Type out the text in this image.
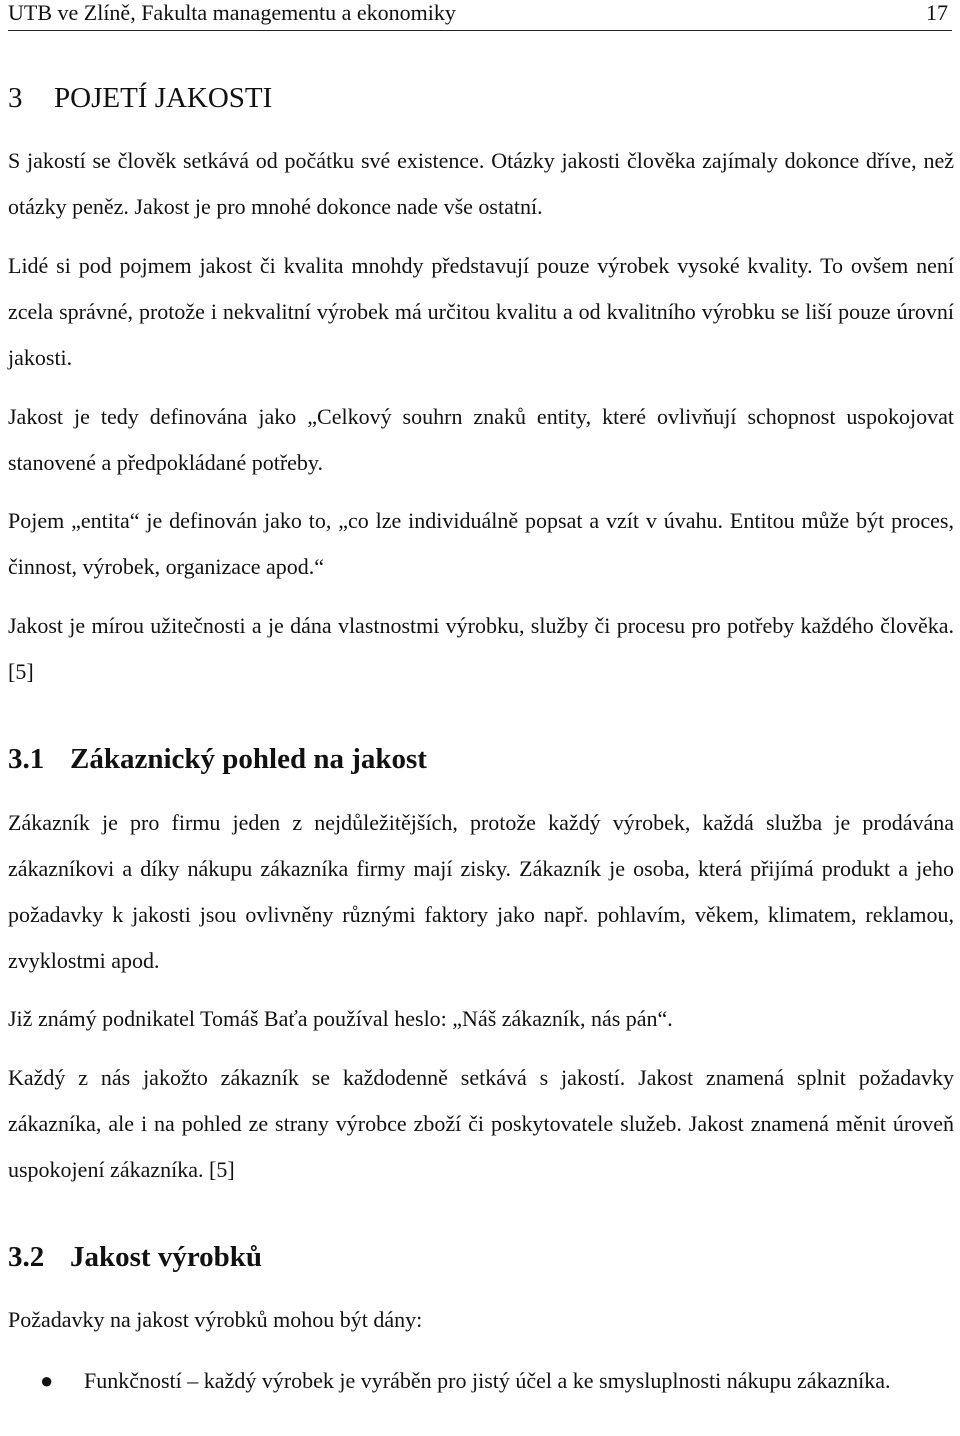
UTB ve Zlíně, Fakulta managementu a ekonomiky	17
3 POJETÍ JAKOSTI

S jakostí se člověk setkává od počátku své existence. Otázky jakosti člověka zajímaly dokonce dříve, než otázky peněz. Jakost je pro mnohé dokonce nade vše ostatní.

Lidé si pod pojmem jakost či kvalita mnohdy představují pouze výrobek vysoké kvality. To ovšem není zcela správné, protože i nekvalitní výrobek má určitou kvalitu a od kvalitního výrobku se liší pouze úrovní jakosti.

Jakost je tedy definována jako „Celkový souhrn znaků entity, které ovlivňují schopnost uspokojovat stanovené a předpokládané potřeby.

Pojem „entita“ je definován jako to, „co lze individuálně popsat a vzít v úvahu. Entitou může být proces, činnost, výrobek, organizace apod.“

Jakost je mírou užitečnosti a je dána vlastnostmi výrobku, služby či procesu pro potřeby každého člověka. [5]

3.1 Zákaznický pohled na jakost

Zákazník je pro firmu jeden z nejdůležitějších, protože každý výrobek, každá služba je prodávána zákazníkovi a díky nákupu zákazníka firmy mají zisky. Zákazník je osoba, která přijímá produkt a jeho požadavky k jakosti jsou ovlivněny různými faktory jako např. pohlavím, věkem, klimatem, reklamou, zvyklostmi apod.

Již známý podnikatel Tomáš Baťa používal heslo: „Náš zákazník, nás pán“.

Každý z nás jakožto zákazník se každodenně setkává s jakostí. Jakost znamená splnit požadavky zákazníka, ale i na pohled ze strany výrobce zboží či poskytovatele služeb. Jakost znamená měnit úroveň uspokojení zákazníka. [5]

3.2 Jakost výrobků

Požadavky na jakost výrobků mohou být dány:

● Funkčností – každý výrobek je vyráběn pro jistý účel a ke smysluplnosti nákupu zákazníka.
